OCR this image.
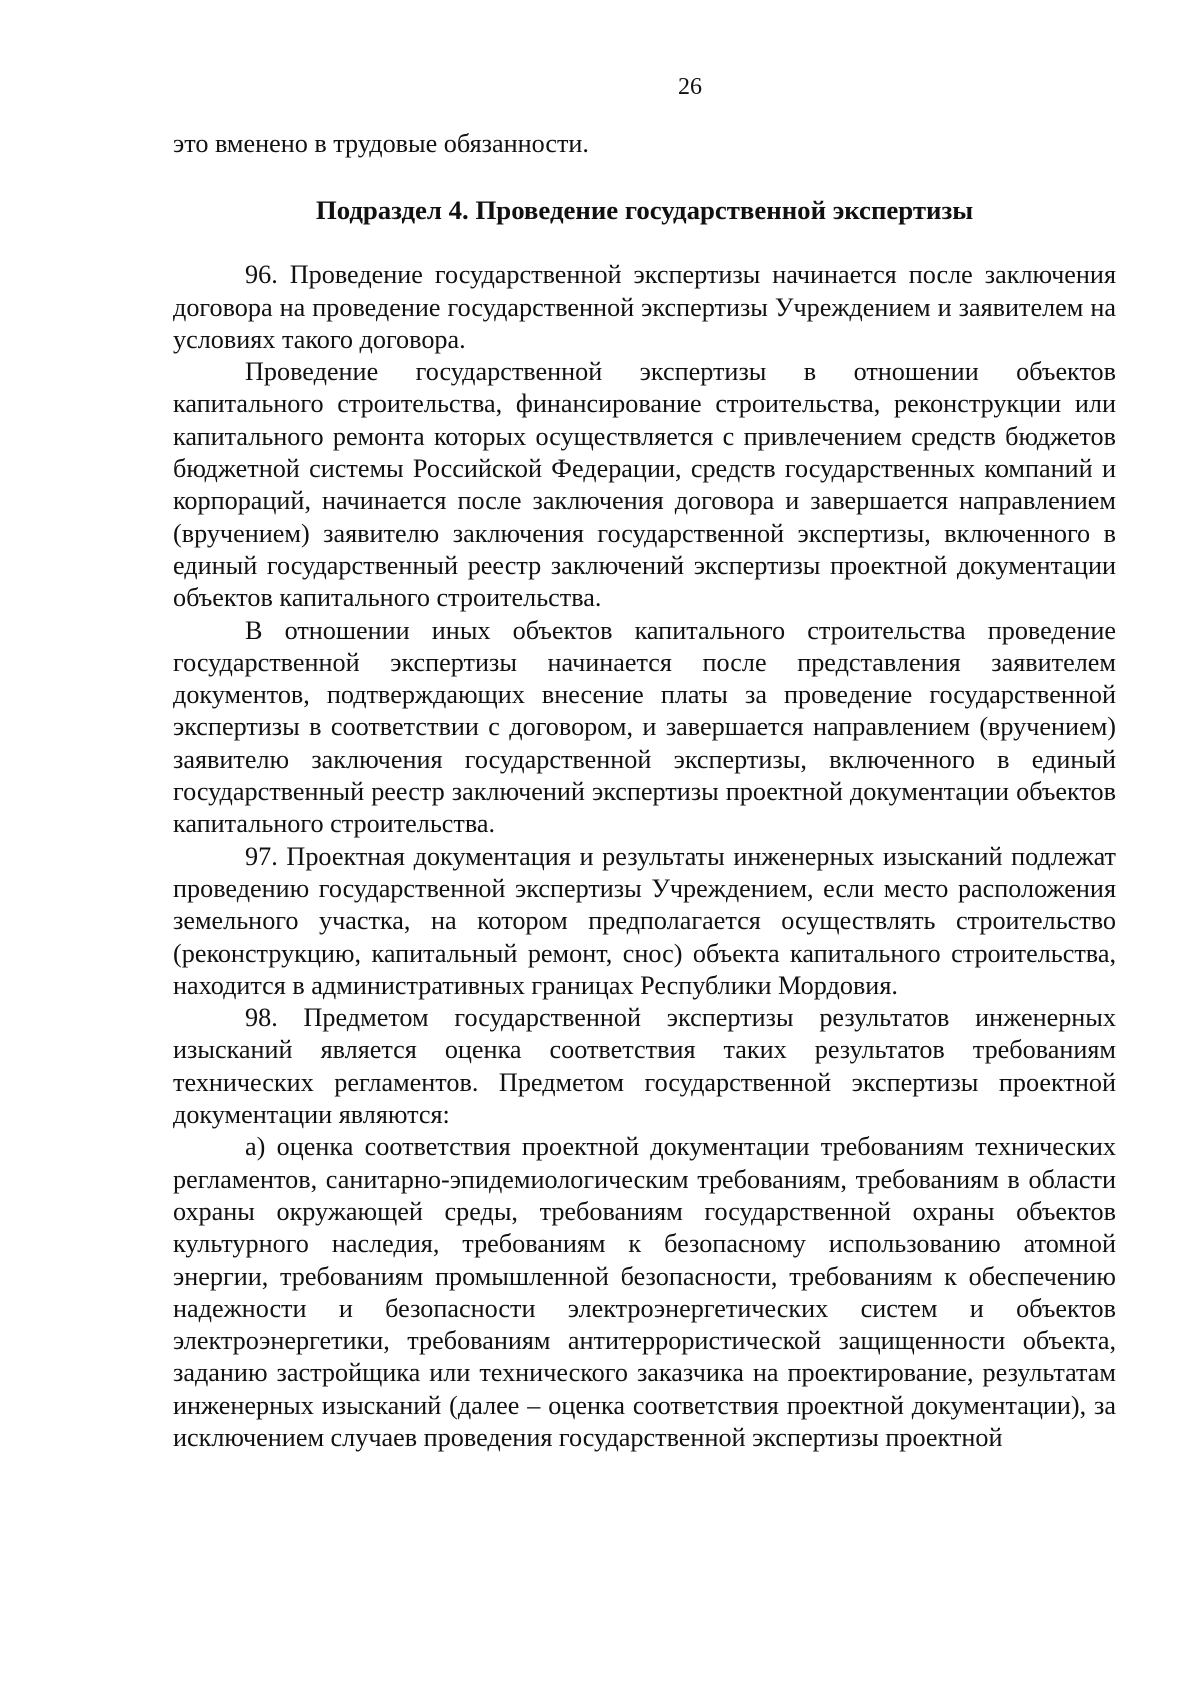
26

это вменено в трудовые обязанности.

Подраздел 4. Проведение государственной экспертизы

96. Проведение государственной экспертизы начинается после заключения договора на проведение государственной экспертизы Учреждением и заявителем на условиях такого договора.

Проведение государственной экспертизы в отношении объектов капитального строительства, финансирование строительства, реконструкции или капитального ремонта которых осуществляется с привлечением средств бюджетов бюджетной системы Российской Федерации, средств государственных компаний и корпораций, начинается после заключения договора и завершается направлением (вручением) заявителю заключения государственной экспертизы, включенного в единый государственный реестр заключений экспертизы проектной документации объектов капитального строительства.

В отношении иных объектов капитального строительства проведение государственной экспертизы начинается после представления заявителем документов, подтверждающих внесение платы за проведение государственной экспертизы в соответствии с договором, и завершается направлением (вручением) заявителю заключения государственной экспертизы, включенного в единый государственный реестр заключений экспертизы проектной документации объектов капитального строительства.

97. Проектная документация и результаты инженерных изысканий подлежат проведению государственной экспертизы Учреждением, если место расположения земельного участка, на котором предполагается осуществлять строительство (реконструкцию, капитальный ремонт, снос) объекта капитального строительства, находится в административных границах Республики Мордовия.

98. Предметом государственной экспертизы результатов инженерных изысканий является оценка соответствия таких результатов требованиям технических регламентов. Предметом государственной экспертизы проектной документации являются:

а) оценка соответствия проектной документации требованиям технических регламентов, санитарно-эпидемиологическим требованиям, требованиям в области охраны окружающей среды, требованиям государственной охраны объектов культурного наследия, требованиям к безопасному использованию атомной энергии, требованиям промышленной безопасности, требованиям к обеспечению надежности и безопасности электроэнергетических систем и объектов электроэнергетики, требованиям антитеррористической защищенности объекта, заданию застройщика или технического заказчика на проектирование, результатам инженерных изысканий (далее – оценка соответствия проектной документации), за исключением случаев проведения государственной экспертизы проектной
